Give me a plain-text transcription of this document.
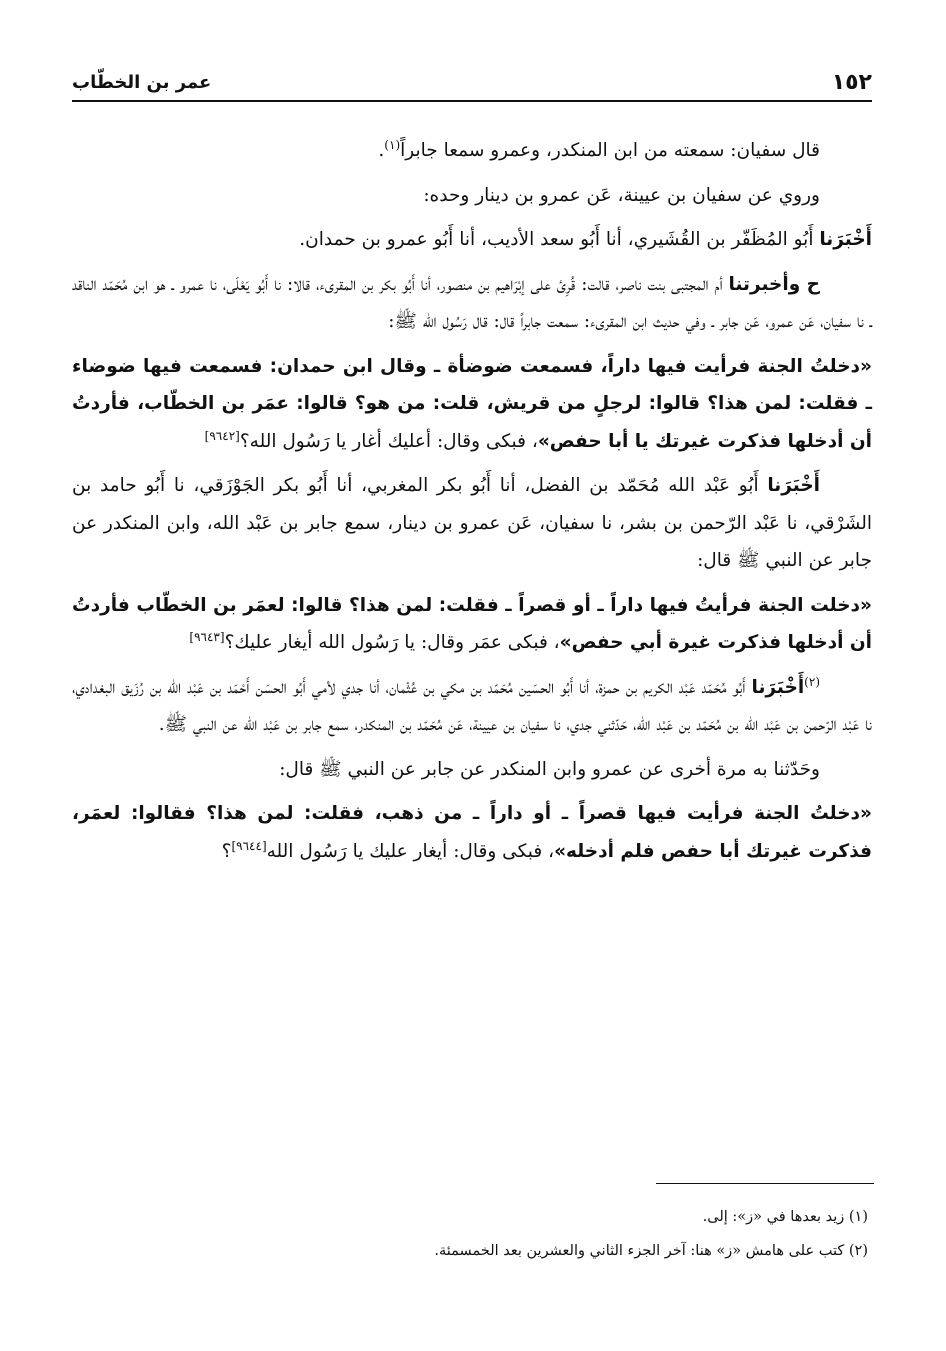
١٥٢
عمر بن الخطّاب

قال سفيان: سمعته من ابن المنكدر، وعمرو سمعا جابراً$^{(١)}$.

وروي عن سفيان بن عيينة، عَن عمرو بن دينار وحده:

أَخْبَرَنا أَبُو المُظَفّر بن القُشَيري، أنا أَبُو سعد الأديب، أنا أَبُو عمرو بن حمدان.

ح وأخبرتنا أم المجتبى بنت ناصر، قالت: قُرِئ على إبْرَاهيم بن منصور، أنا أَبُو بكر بن المقرىء، قالا: نا أَبُو يَعْلَى، نا عمرو ـ هو ابن مُحَمّد الناقد ـ نا سفيان، عَن عمرو، عَن جابر ـ وفي حديث ابن المقرىء: سمعت جابراً قال: قال رَسُول الله ﷺ:

«دخلتُ الجنة فرأيت فيها داراً، فسمعت ضوضأة ـ وقال ابن حمدان: فسمعت فيها ضوضاء ـ فقلت: لمن هذا؟ قالوا: لرجلٍ من قريش، قلت: من هو؟ قالوا: عمَر بن الخطّاب، فأردتُ أن أدخلها فذكرت غيرتك يا أبا حفص»، فبكى وقال: أعليك أغار يا رَسُول الله؟[٩٦٤٢]

أَخْبَرَنا أَبُو عَبْد الله مُحَمّد بن الفضل، أنا أَبُو بكر المغربي، أنا أَبُو بكر الجَوْزَقي، نا أَبُو حامد بن الشَرْقي، نا عَبْد الرّحمن بن بشر، نا سفيان، عَن عمرو بن دينار، سمع جابر بن عَبْد الله، وابن المنكدر عن جابر عن النبي ﷺ قال:

«دخلت الجنة فرأيتُ فيها داراً ـ أو قصراً ـ فقلت: لمن هذا؟ قالوا: لعمَر بن الخطّاب فأردتُ أن أدخلها فذكرت غيرة أبي حفص»، فبكى عمَر وقال: يا رَسُول الله أيغار عليك؟[٩٦٤٣]

$^{(٢)}$أَخْبَرَنا أَبُو مُحَمّد عَبْد الكريم بن حمزة، أنا أَبُو الحسَين مُحَمّد بن مكي بن عُثْمان، أنا جدي لأمي أَبُو الحسَن أَحْمَد بن عَبْد الله بن رُزَيق البغدادي، نا عَبْد الرّحمن بن عَبْد الله بن مُحَمّد بن عَبْد الله، حَدّثني جدي، نا سفيان بن عيينة، عَن مُحَمّد بن المنكدر، سمع جابر بن عَبْد الله عن النبي ﷺ.

وحَدّثنا به مرة أخرى عن عمرو وابن المنكدر عن جابر عن النبي ﷺ قال:

«دخلتُ الجنة فرأيت فيها قصراً ـ أو داراً ـ من ذهب، فقلت: لمن هذا؟ فقالوا: لعمَر، فذكرت غيرتك أبا حفص فلم أدخله»، فبكى وقال: أيغار عليك يا رَسُول الله[٩٦٤٤]؟

(١) زيد بعدها في «ز»: إلى.
(٢) كتب على هامش «ز» هنا: آخر الجزء الثاني والعشرين بعد الخمسمئة.
